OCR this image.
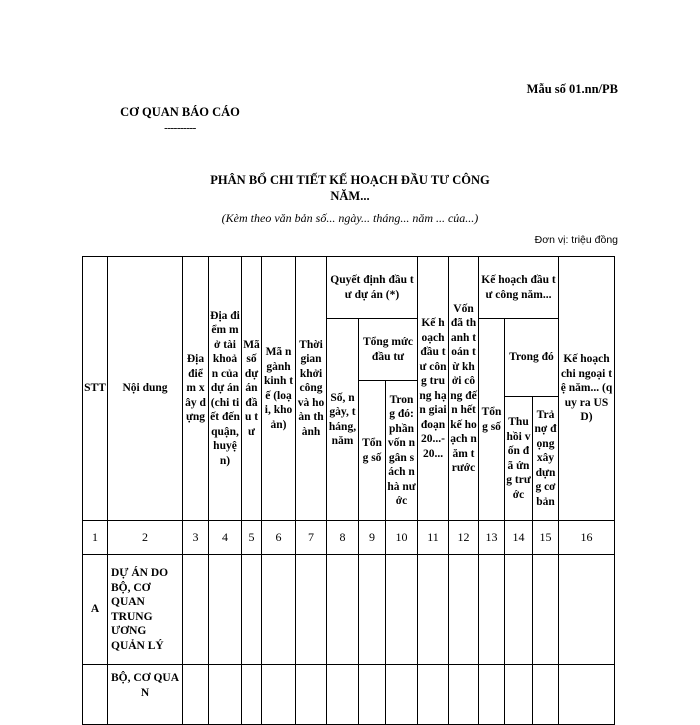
Mẫu số 01.nn/PB
CƠ QUAN BÁO CÁO
----------
PHÂN BỔ CHI TIẾT KẾ HOẠCH ĐẦU TƯ CÔNG
NĂM...
(Kèm theo văn bản số... ngày... tháng... năm ... của...)
Đơn vị: triệu đồng
STT	Nội dung	Địa điểm xây dựng	Địa điểm mở tài khoản của dự án (chi tiết đến quận, huyện)	Mã số dự án đầu tư	Mã ngành kinh tế (loại, khoản)	Thời gian khởi công và hoàn thành	Quyết định đầu tư dự án (*)			Kế hoạch đầu tư công trung hạn giai đoạn 20...-20...	Vốn đã thanh toán từ khởi công đến hết kế hoạch năm trước	Kế hoạch đầu tư công năm...			Kế hoạch chi ngoại tệ năm... (quy ra USD)
							Số, ngày, tháng, năm	Tổng mức đầu tư				Tổng số	Trong đó		
								Tổng số	Trong đó: phần vốn ngân sách nhà nước						
													Thu hồi vốn đã ứng trước	Trả nợ đọng xây dựng cơ bản	
1	2	3	4	5	6	7	8	9	10	11	12	13	14	15	16
A	DỰ ÁN DO BỘ, CƠ QUAN TRUNG ƯƠNG QUẢN LÝ														
	BỘ, CƠ QUAN														
